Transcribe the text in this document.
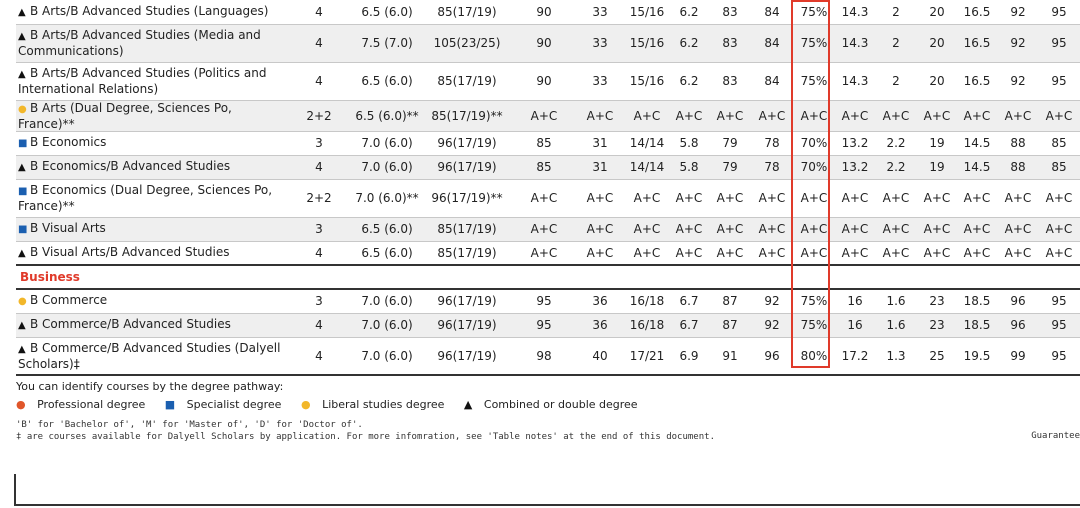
▲ B Arts/B Advanced Studies (Languages)	4	6.5 (6.0)	85(17/19)	90	33	15/16	6.2	83	84	75%	14.3	2	20	16.5	92	95
▲ B Arts/B Advanced Studies (Media and Communications)	4	7.5 (7.0)	105(23/25)	90	33	15/16	6.2	83	84	75%	14.3	2	20	16.5	92	95
▲ B Arts/B Advanced Studies (Politics and International Relations)	4	6.5 (6.0)	85(17/19)	90	33	15/16	6.2	83	84	75%	14.3	2	20	16.5	92	95
● B Arts (Dual Degree, Sciences Po, France)**	2+2	6.5 (6.0)**	85(17/19)**	A+C	A+C	A+C	A+C	A+C	A+C	A+C	A+C	A+C	A+C	A+C	A+C	A+C
■ B Economics	3	7.0 (6.0)	96(17/19)	85	31	14/14	5.8	79	78	70%	13.2	2.2	19	14.5	88	85
▲ B Economics/B Advanced Studies	4	7.0 (6.0)	96(17/19)	85	31	14/14	5.8	79	78	70%	13.2	2.2	19	14.5	88	85
■ B Economics (Dual Degree, Sciences Po, France)**	2+2	7.0 (6.0)**	96(17/19)**	A+C	A+C	A+C	A+C	A+C	A+C	A+C	A+C	A+C	A+C	A+C	A+C	A+C
■ B Visual Arts	3	6.5 (6.0)	85(17/19)	A+C	A+C	A+C	A+C	A+C	A+C	A+C	A+C	A+C	A+C	A+C	A+C	A+C
▲ B Visual Arts/B Advanced Studies	4	6.5 (6.0)	85(17/19)	A+C	A+C	A+C	A+C	A+C	A+C	A+C	A+C	A+C	A+C	A+C	A+C	A+C
Business																
● B Commerce	3	7.0 (6.0)	96(17/19)	95	36	16/18	6.7	87	92	75%	16	1.6	23	18.5	96	95
▲ B Commerce/B Advanced Studies	4	7.0 (6.0)	96(17/19)	95	36	16/18	6.7	87	92	75%	16	1.6	23	18.5	96	95
▲ B Commerce/B Advanced Studies (Dalyell Scholars)‡	4	7.0 (6.0)	96(17/19)	98	40	17/21	6.9	91	96	80%	17.2	1.3	25	19.5	99	95
You can identify courses by the degree pathway:
● Professional degree ■ Specialist degree ● Liberal studies degree ▲ Combined or double degree
'B' for 'Bachelor of', 'M' for 'Master of', 'D' for 'Doctor of'.
‡ are courses available for Dalyell Scholars by application. For more infomration, see 'Table notes' at the end of this document.	Guarantee
